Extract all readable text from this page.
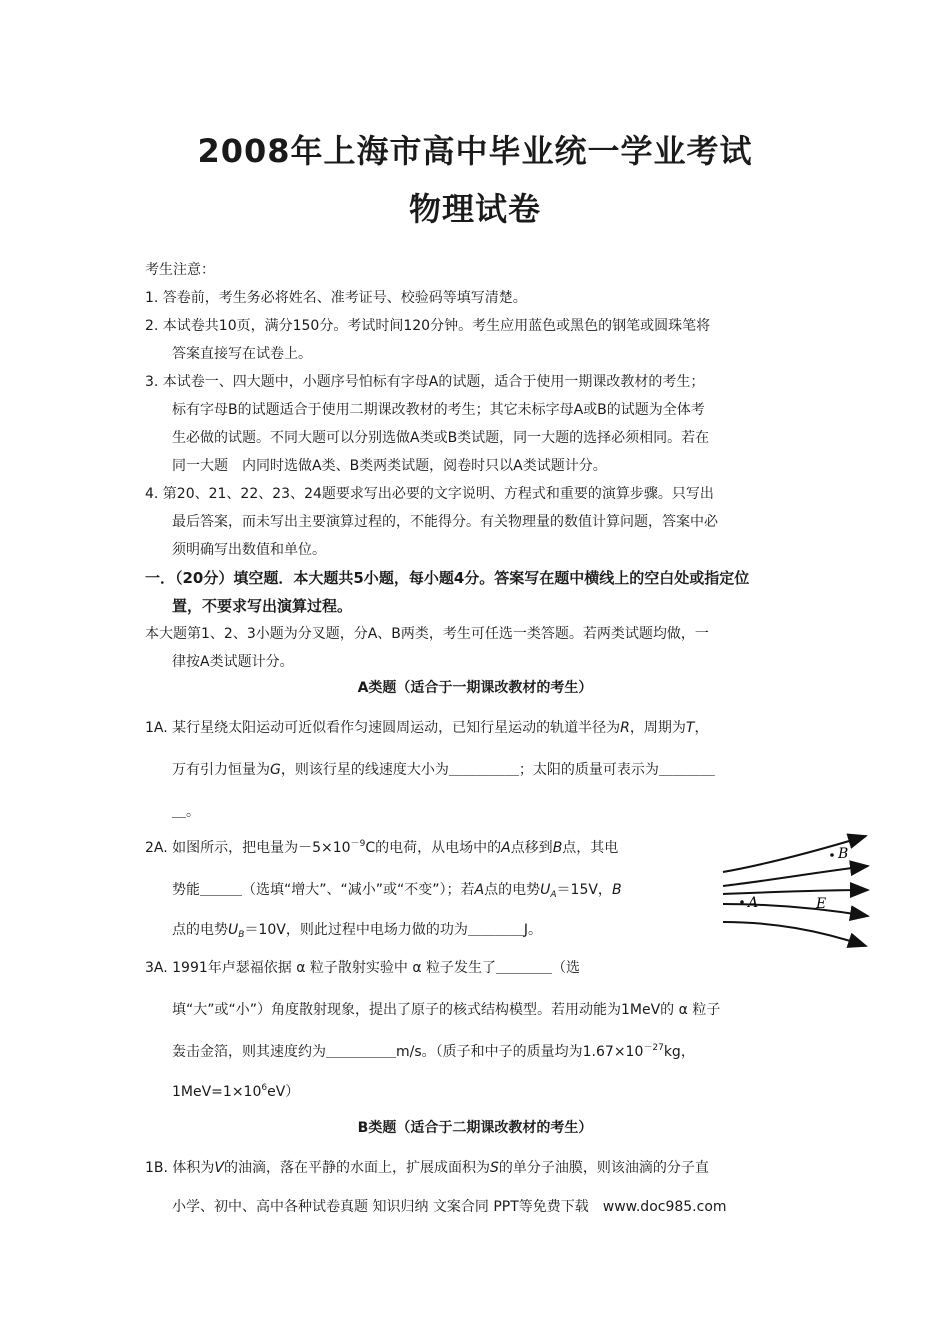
2008年上海市高中毕业统一学业考试
物理试卷
考生注意：
1. 答卷前，考生务必将姓名、准考证号、校验码等填写清楚。
2. 本试卷共10页，满分150分。考试时间120分钟。考生应用蓝色或黑色的钢笔或圆珠笔将
答案直接写在试卷上。
3. 本试卷一、四大题中，小题序号怕标有字母A的试题，适合于使用一期课改教材的考生；
标有字母B的试题适合于使用二期课改教材的考生；其它未标字母A或B的试题为全体考
生必做的试题。不同大题可以分别选做A类或B类试题，同一大题的选择必须相同。若在
同一大题　内同时选做A类、B类两类试题，阅卷时只以A类试题计分。
4. 第20、21、22、23、24题要求写出必要的文字说明、方程式和重要的演算步骤。只写出
最后答案，而未写出主要演算过程的，不能得分。有关物理量的数值计算问题，答案中必
须明确写出数值和单位。
一．（20分）填空题．本大题共5小题，每小题4分。答案写在题中横线上的空白处或指定位
置，不要求写出演算过程。
本大题第1、2、3小题为分叉题，分A、B两类，考生可任选一类答题。若两类试题均做，一
律按A类试题计分。
A类题（适合于一期课改教材的考生）
1A. 某行星绕太阳运动可近似看作匀速圆周运动，已知行星运动的轨道半径为R，周期为T，
万有引力恒量为G，则该行星的线速度大小为＿＿＿＿＿；太阳的质量可表示为＿＿＿＿
＿。
2A. 如图所示，把电量为$-5\times 10^{-9}C$的电荷，从电场中的A点移到B点，其电
势能＿＿＿（选填“增大”、“减小”或“不变”）；若A点的电势$U_A=15V$，B
点的电势$U_B=10V$，则此过程中电场力做的功为＿＿＿＿J。
B
A	E
3A. 1991年卢瑟福依据 α 粒子散射实验中 α 粒子发生了＿＿＿＿（选
填“大”或“小”）角度散射现象，提出了原子的核式结构模型。若用动能为1MeV的 α 粒子
轰击金箔，则其速度约为＿＿＿＿＿m/s。（质子和中子的质量均为$1.67\times 10^{-27}kg$，
$1MeV=1\times 10^6eV$）
B类题（适合于二期课改教材的考生）
1B. 体积为V的油滴，落在平静的水面上，扩展成面积为S的单分子油膜，则该油滴的分子直
小学、初中、高中各种试卷真题 知识归纳 文案合同 PPT等免费下载　www.doc985.com
